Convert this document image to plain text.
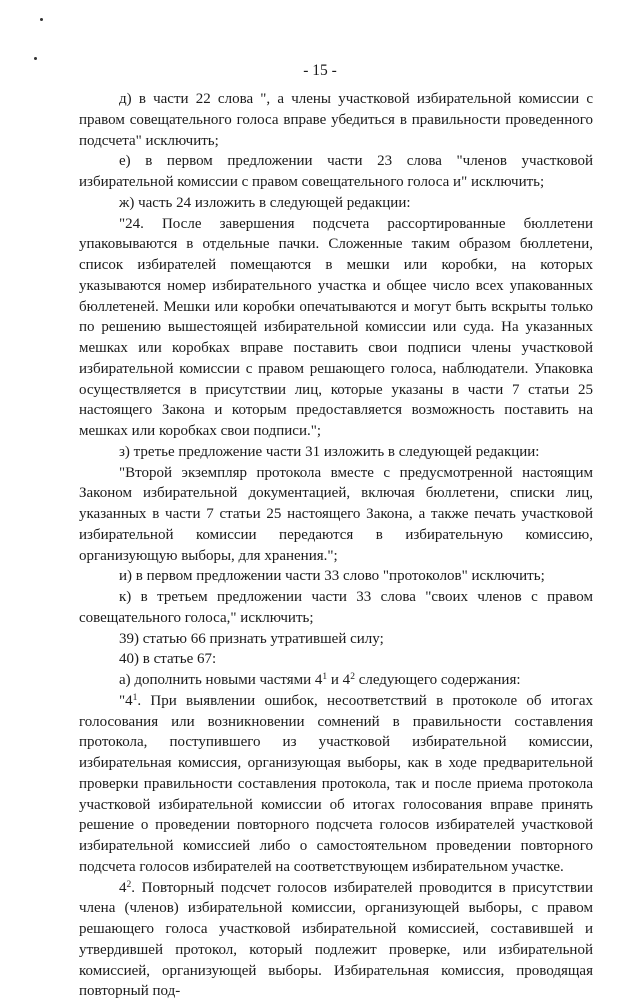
- 15 -

д) в части 22 слова ", а члены участковой избирательной комиссии с правом совещательного голоса вправе убедиться в правильности проведенного подсчета" исключить;

е) в первом предложении части 23 слова "членов участковой избирательной комиссии с правом совещательного голоса и" исключить;

ж) часть 24 изложить в следующей редакции:

"24. После завершения подсчета рассортированные бюллетени упаковываются в отдельные пачки. Сложенные таким образом бюллетени, список избирателей помещаются в мешки или коробки, на которых указываются номер избирательного участка и общее число всех упакованных бюллетеней. Мешки или коробки опечатываются и могут быть вскрыты только по решению вышестоящей избирательной комиссии или суда. На указанных мешках или коробках вправе поставить свои подписи члены участковой избирательной комиссии с правом решающего голоса, наблюдатели. Упаковка осуществляется в присутствии лиц, которые указаны в части 7 статьи 25 настоящего Закона и которым предоставляется возможность поставить на мешках или коробках свои подписи.";

з) третье предложение части 31 изложить в следующей редакции:

"Второй экземпляр протокола вместе с предусмотренной настоящим Законом избирательной документацией, включая бюллетени, списки лиц, указанных в части 7 статьи 25 настоящего Закона, а также печать участковой избирательной комиссии передаются в избирательную комиссию, организующую выборы, для хранения.";

и) в первом предложении части 33 слово "протоколов" исключить;

к) в третьем предложении части 33 слова "своих членов с правом совещательного голоса," исключить;

39) статью 66 признать утратившей силу;

40) в статье 67:

а) дополнить новыми частями $4^1$ и $4^2$ следующего содержания:

"$4^1$. При выявлении ошибок, несоответствий в протоколе об итогах голосования или возникновении сомнений в правильности составления протокола, поступившего из участковой избирательной комиссии, избирательная комиссия, организующая выборы, как в ходе предварительной проверки правильности составления протокола, так и после приема протокола участковой избирательной комиссии об итогах голосования вправе принять решение о проведении повторного подсчета голосов избирателей участковой избирательной комиссией либо о самостоятельном проведении повторного подсчета голосов избирателей на соответствующем избирательном участке.

$4^2$. Повторный подсчет голосов избирателей проводится в присутствии члена (членов) избирательной комиссии, организующей выборы, с правом решающего голоса участковой избирательной комиссией, составившей и утвердившей протокол, который подлежит проверке, или избирательной комиссией, организующей выборы. Избирательная комиссия, проводящая повторный под-
